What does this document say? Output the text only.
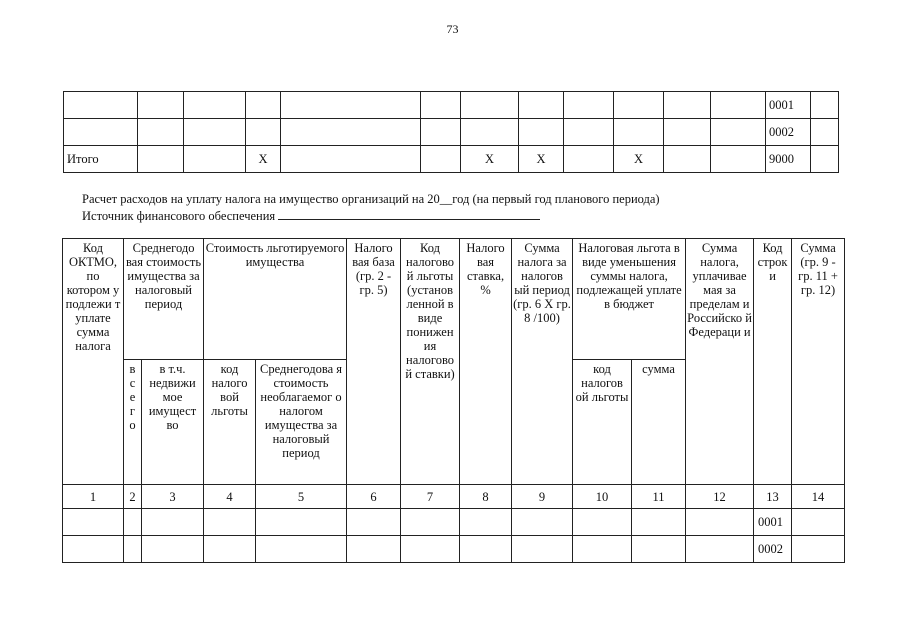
73
												0001	
												0002	
Итого			X			X	X		X			9000	
Расчет расходов на уплату налога на имущество организаций на 20__год (на первый год планового периода)
Источник финансового обеспечения
Код ОКТМО, по котором у подлежи т уплате сумма налога	Среднегодо вая стоимость имущества за налоговый период		Стоимость льготируемого имущества		Налого вая база (гр. 2 - гр. 5)	Код налогово й льготы (установ ленной в виде понижен ия налогово й ставки)	Налого вая ставка, %	Сумма налога за налогов ый период (гр. 6 X гр. 8 /100)	Налоговая льгота в виде уменьшения суммы налога, подлежащей уплате в бюджет		Сумма налога, уплачивае мая за пределам и Российско й Федераци и	Код строк и	Сумма (гр. 9 - гр. 11 + гр. 12)
	в с е г о	в т.ч. недвижи мое имущест во	код налого вой льготы	Среднегодова я стоимость необлагаемог о налогом имущества за налоговый период					код налогов ой льготы	сумма			
1	2	3	4	5	6	7	8	9	10	11	12	13	14
												0001	
												0002	
